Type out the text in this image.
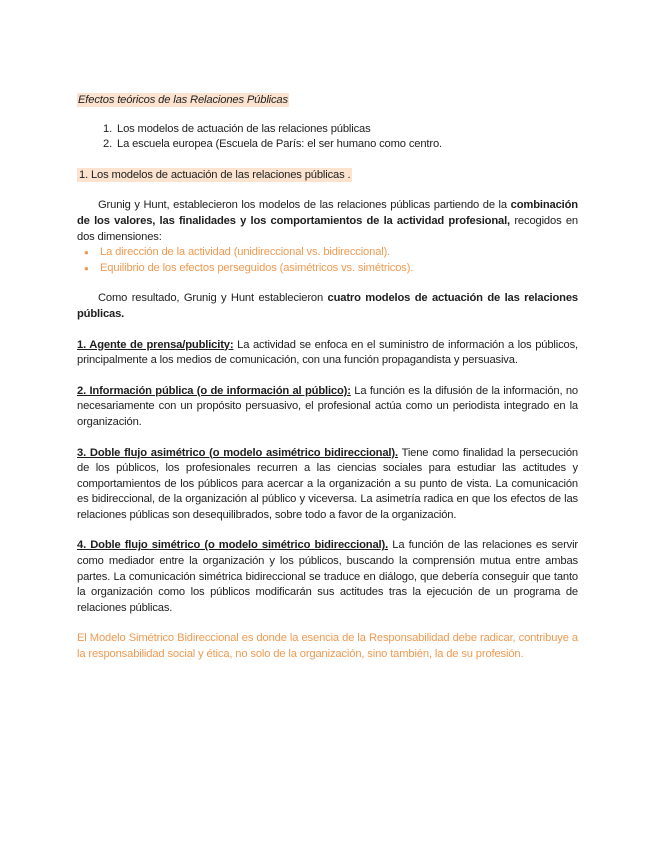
Efectos teóricos de las Relaciones Públicas

1. Los modelos de actuación de las relaciones públicas
2. La escuela europea (Escuela de París: el ser humano como centro.

1. Los modelos de actuación de las relaciones públicas .

Grunig y Hunt, establecieron los modelos de las relaciones públicas partiendo de la combinación de los valores, las finalidades y los comportamientos de la actividad profesional, recogidos en dos dimensiones:

● La dirección de la actividad (unidireccional vs. bidireccional).
● Equilibrio de los efectos perseguidos (asimétricos vs. simétricos).

Como resultado, Grunig y Hunt establecieron cuatro modelos de actuación de las relaciones públicas.

1. Agente de prensa/publicity: La actividad se enfoca en el suministro de información a los públicos, principalmente a los medios de comunicación, con una función propagandista y persuasiva.

2. Información pública (o de información al público): La función es la difusión de la información, no necesariamente con un propósito persuasivo, el profesional actúa como un periodista integrado en la organización.

3. Doble flujo asimétrico (o modelo asimétrico bidireccional). Tiene como finalidad la persecución de los públicos, los profesionales recurren a las ciencias sociales para estudiar las actitudes y comportamientos de los públicos para acercar a la organización a su punto de vista. La comunicación es bidireccional, de la organización al público y viceversa. La asimetría radica en que los efectos de las relaciones públicas son desequilibrados, sobre todo a favor de la organización.

4. Doble flujo simétrico (o modelo simétrico bidireccional). La función de las relaciones es servir como mediador entre la organización y los públicos, buscando la comprensión mutua entre ambas partes. La comunicación simétrica bidireccional se traduce en diálogo, que debería conseguir que tanto la organización como los públicos modificarán sus actitudes tras la ejecución de un programa de relaciones públicas.

El Modelo Simétrico Bidireccional es donde la esencia de la Responsabilidad debe radicar, contribuye a la responsabilidad social y ética, no solo de la organización, sino también, la de su profesión.
